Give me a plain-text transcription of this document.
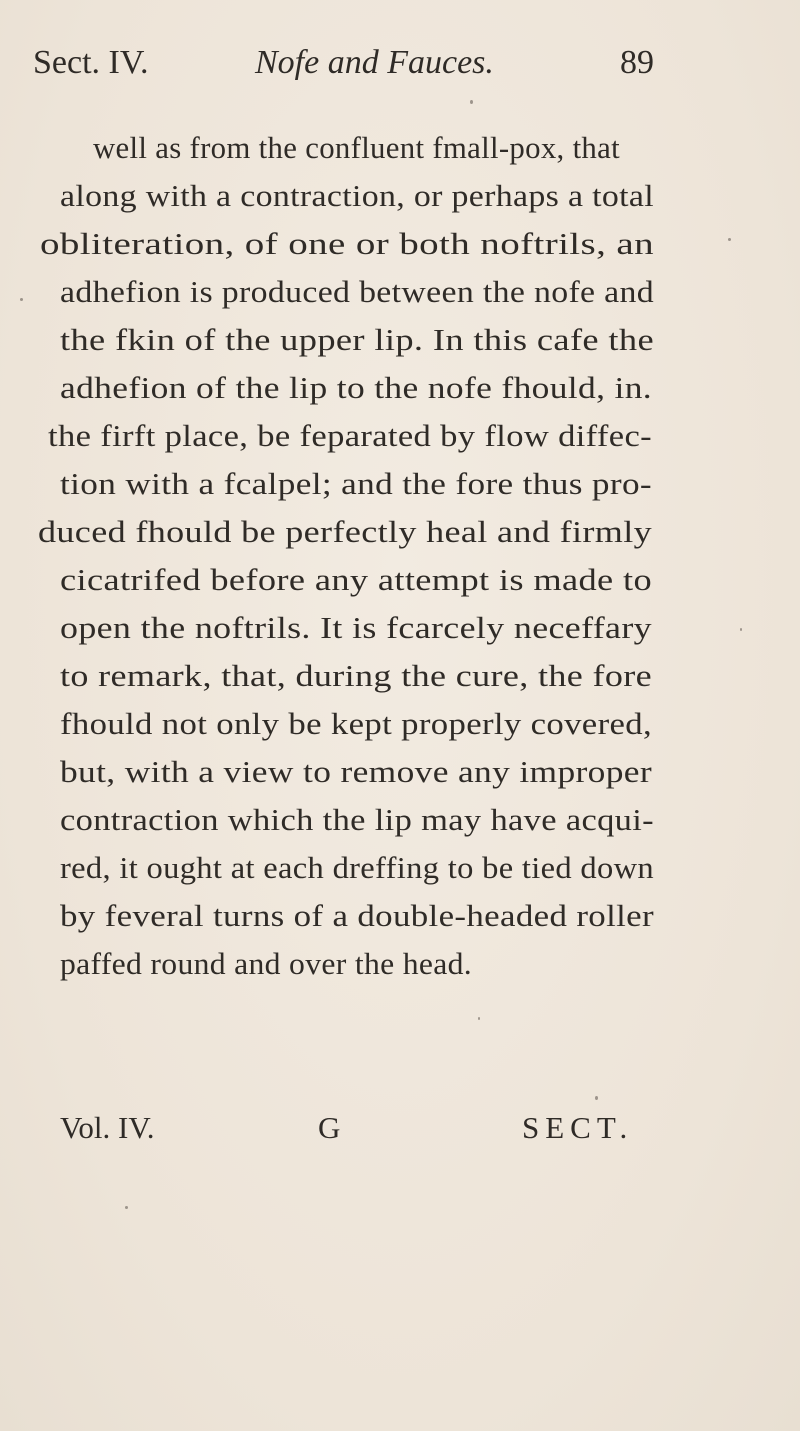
Sect. IV.	Nofe and Fauces.	89
well as from the confluent fmall-pox, that
along with a contraction, or perhaps a total
obliteration, of one or both noftrils, an
adhefion is produced between the nofe and
the fkin of the upper lip. In this cafe the
adhefion of the lip to the nofe fhould, in.
the firft place, be feparated by flow diffec-
tion with a fcalpel; and the fore thus pro-
duced fhould be perfectly heal and firmly
cicatrifed before any attempt is made to
open the noftrils. It is fcarcely neceffary
to remark, that, during the cure, the fore
fhould not only be kept properly covered,
but, with a view to remove any improper
contraction which the lip may have acqui-
red, it ought at each dreffing to be tied down
by feveral turns of a double-headed roller
paffed round and over the head.
Vol. IV.	G	SECT.
